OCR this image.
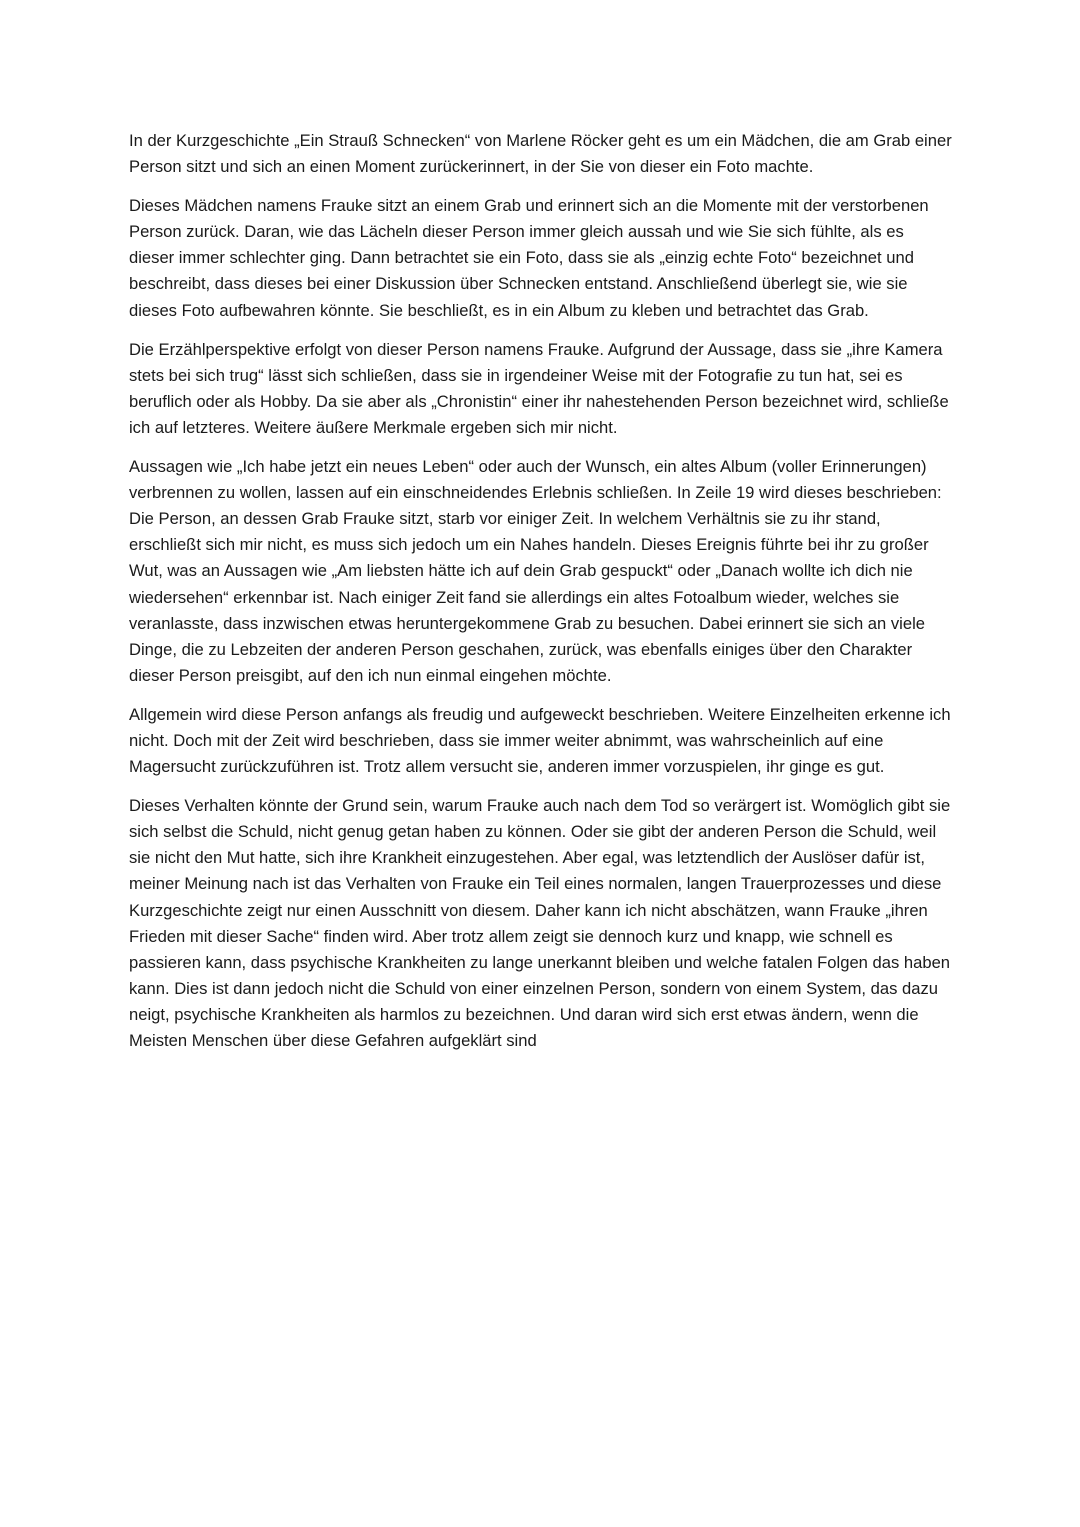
In der Kurzgeschichte „Ein Strauß Schnecken“ von Marlene Röcker geht es um ein Mädchen, die am Grab einer Person sitzt und sich an einen Moment zurückerinnert, in der Sie von dieser ein Foto machte.

Dieses Mädchen namens Frauke sitzt an einem Grab und erinnert sich an die Momente mit der verstorbenen Person zurück. Daran, wie das Lächeln dieser Person immer gleich aussah und wie Sie sich fühlte, als es dieser immer schlechter ging. Dann betrachtet sie ein Foto, dass sie als „einzig echte Foto“ bezeichnet und beschreibt, dass dieses bei einer Diskussion über Schnecken entstand. Anschließend überlegt sie, wie sie dieses Foto aufbewahren könnte. Sie beschließt, es in ein Album zu kleben und betrachtet das Grab.

Die Erzählperspektive erfolgt von dieser Person namens Frauke. Aufgrund der Aussage, dass sie „ihre Kamera stets bei sich trug“ lässt sich schließen, dass sie in irgendeiner Weise mit der Fotografie zu tun hat, sei es beruflich oder als Hobby. Da sie aber als „Chronistin“ einer ihr nahestehenden Person bezeichnet wird, schließe ich auf letzteres. Weitere äußere Merkmale ergeben sich mir nicht.

Aussagen wie „Ich habe jetzt ein neues Leben“ oder auch der Wunsch, ein altes Album (voller Erinnerungen) verbrennen zu wollen, lassen auf ein einschneidendes Erlebnis schließen. In Zeile 19 wird dieses beschrieben: Die Person, an dessen Grab Frauke sitzt, starb vor einiger Zeit. In welchem Verhältnis sie zu ihr stand, erschließt sich mir nicht, es muss sich jedoch um ein Nahes handeln. Dieses Ereignis führte bei ihr zu großer Wut, was an Aussagen wie „Am liebsten hätte ich auf dein Grab gespuckt“ oder „Danach wollte ich dich nie wiedersehen“ erkennbar ist. Nach einiger Zeit fand sie allerdings ein altes Fotoalbum wieder, welches sie veranlasste, dass inzwischen etwas heruntergekommene Grab zu besuchen. Dabei erinnert sie sich an viele Dinge, die zu Lebzeiten der anderen Person geschahen, zurück, was ebenfalls einiges über den Charakter dieser Person preisgibt, auf den ich nun einmal eingehen möchte.

Allgemein wird diese Person anfangs als freudig und aufgeweckt beschrieben. Weitere Einzelheiten erkenne ich nicht. Doch mit der Zeit wird beschrieben, dass sie immer weiter abnimmt, was wahrscheinlich auf eine Magersucht zurückzuführen ist. Trotz allem versucht sie, anderen immer vorzuspielen, ihr ginge es gut.

Dieses Verhalten könnte der Grund sein, warum Frauke auch nach dem Tod so verärgert ist. Womöglich gibt sie sich selbst die Schuld, nicht genug getan haben zu können. Oder sie gibt der anderen Person die Schuld, weil sie nicht den Mut hatte, sich ihre Krankheit einzugestehen. Aber egal, was letztendlich der Auslöser dafür ist, meiner Meinung nach ist das Verhalten von Frauke ein Teil eines normalen, langen Trauerprozesses und diese Kurzgeschichte zeigt nur einen Ausschnitt von diesem. Daher kann ich nicht abschätzen, wann Frauke „ihren Frieden mit dieser Sache“ finden wird. Aber trotz allem zeigt sie dennoch kurz und knapp, wie schnell es passieren kann, dass psychische Krankheiten zu lange unerkannt bleiben und welche fatalen Folgen das haben kann. Dies ist dann jedoch nicht die Schuld von einer einzelnen Person, sondern von einem System, das dazu neigt, psychische Krankheiten als harmlos zu bezeichnen. Und daran wird sich erst etwas ändern, wenn die Meisten Menschen über diese Gefahren aufgeklärt sind
